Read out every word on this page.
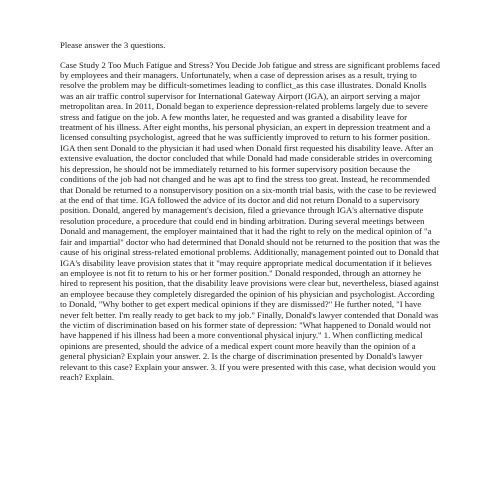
Please answer the 3 questions.
Case Study 2 Too Much Fatigue and Stress? You Decide Job fatigue and stress are significant problems faced by employees and their managers. Unfortunately, when a case of depression arises as a result, trying to resolve the problem may be difficult-sometimes leading to conflict_as this case illustrates. Donald Knolls was an air traffic control supervisor for International Gateway Airport (IGA), an airport serving a major metropolitan area. In 2011, Donald began to experience depression-related problems largely due to severe stress and fatigue on the job. A few months later, he requested and was granted a disability leave for treatment of his illness. After eight months, his personal physician, an expert in depression treatment and a licensed consulting psychologist, agreed that he was sufficiently improved to return to his former position. IGA then sent Donald to the physician it had used when Donald first requested his disability leave. After an extensive evaluation, the doctor concluded that while Donald had made considerable strides in overcoming his depression, he should not be immediately returned to his former supervisory position because the conditions of the job had not changed and he was apt to find the stress too great. Instead, he recommended that Donald be returned to a nonsupervisory position on a six-month trial basis, with the case to be reviewed at the end of that time. IGA followed the advice of its doctor and did not return Donald to a supervisory position. Donald, angered by management's decision, filed a grievance through IGA's alternative dispute resolution procedure, a procedure that could end in binding arbitration. During several meetings between Donald and management, the employer maintained that it had the right to rely on the medical opinion of "a fair and impartial" doctor who had determined that Donald should not be returned to the position that was the cause of his original stress-related emotional problems. Additionally, management pointed out to Donald that IGA's disability leave provision states that it "may require appropriate medical documentation if it believes an employee is not fit to return to his or her former position." Donald responded, through an attorney he hired to represent his position, that the disability leave provisions were clear but, nevertheless, biased against an employee because they completely disregarded the opinion of his physician and psychologist. According to Donald, "Why bother to get expert medical opinions if they are dismissed?" He further noted, "I have never felt better. I'm really ready to get back to my job." Finally, Donald's lawyer contended that Donald was the victim of discrimination based on his former state of depression: "What happened to Donald would not have happened if his illness had been a more conventional physical injury." 1. When conflicting medical opinions are presented, should the advice of a medical expert count more heavily than the opinion of a general physician? Explain your answer. 2. Is the charge of discrimination presented by Donald's lawyer relevant to this case? Explain your answer. 3. If you were presented with this case, what decision would you reach? Explain.
